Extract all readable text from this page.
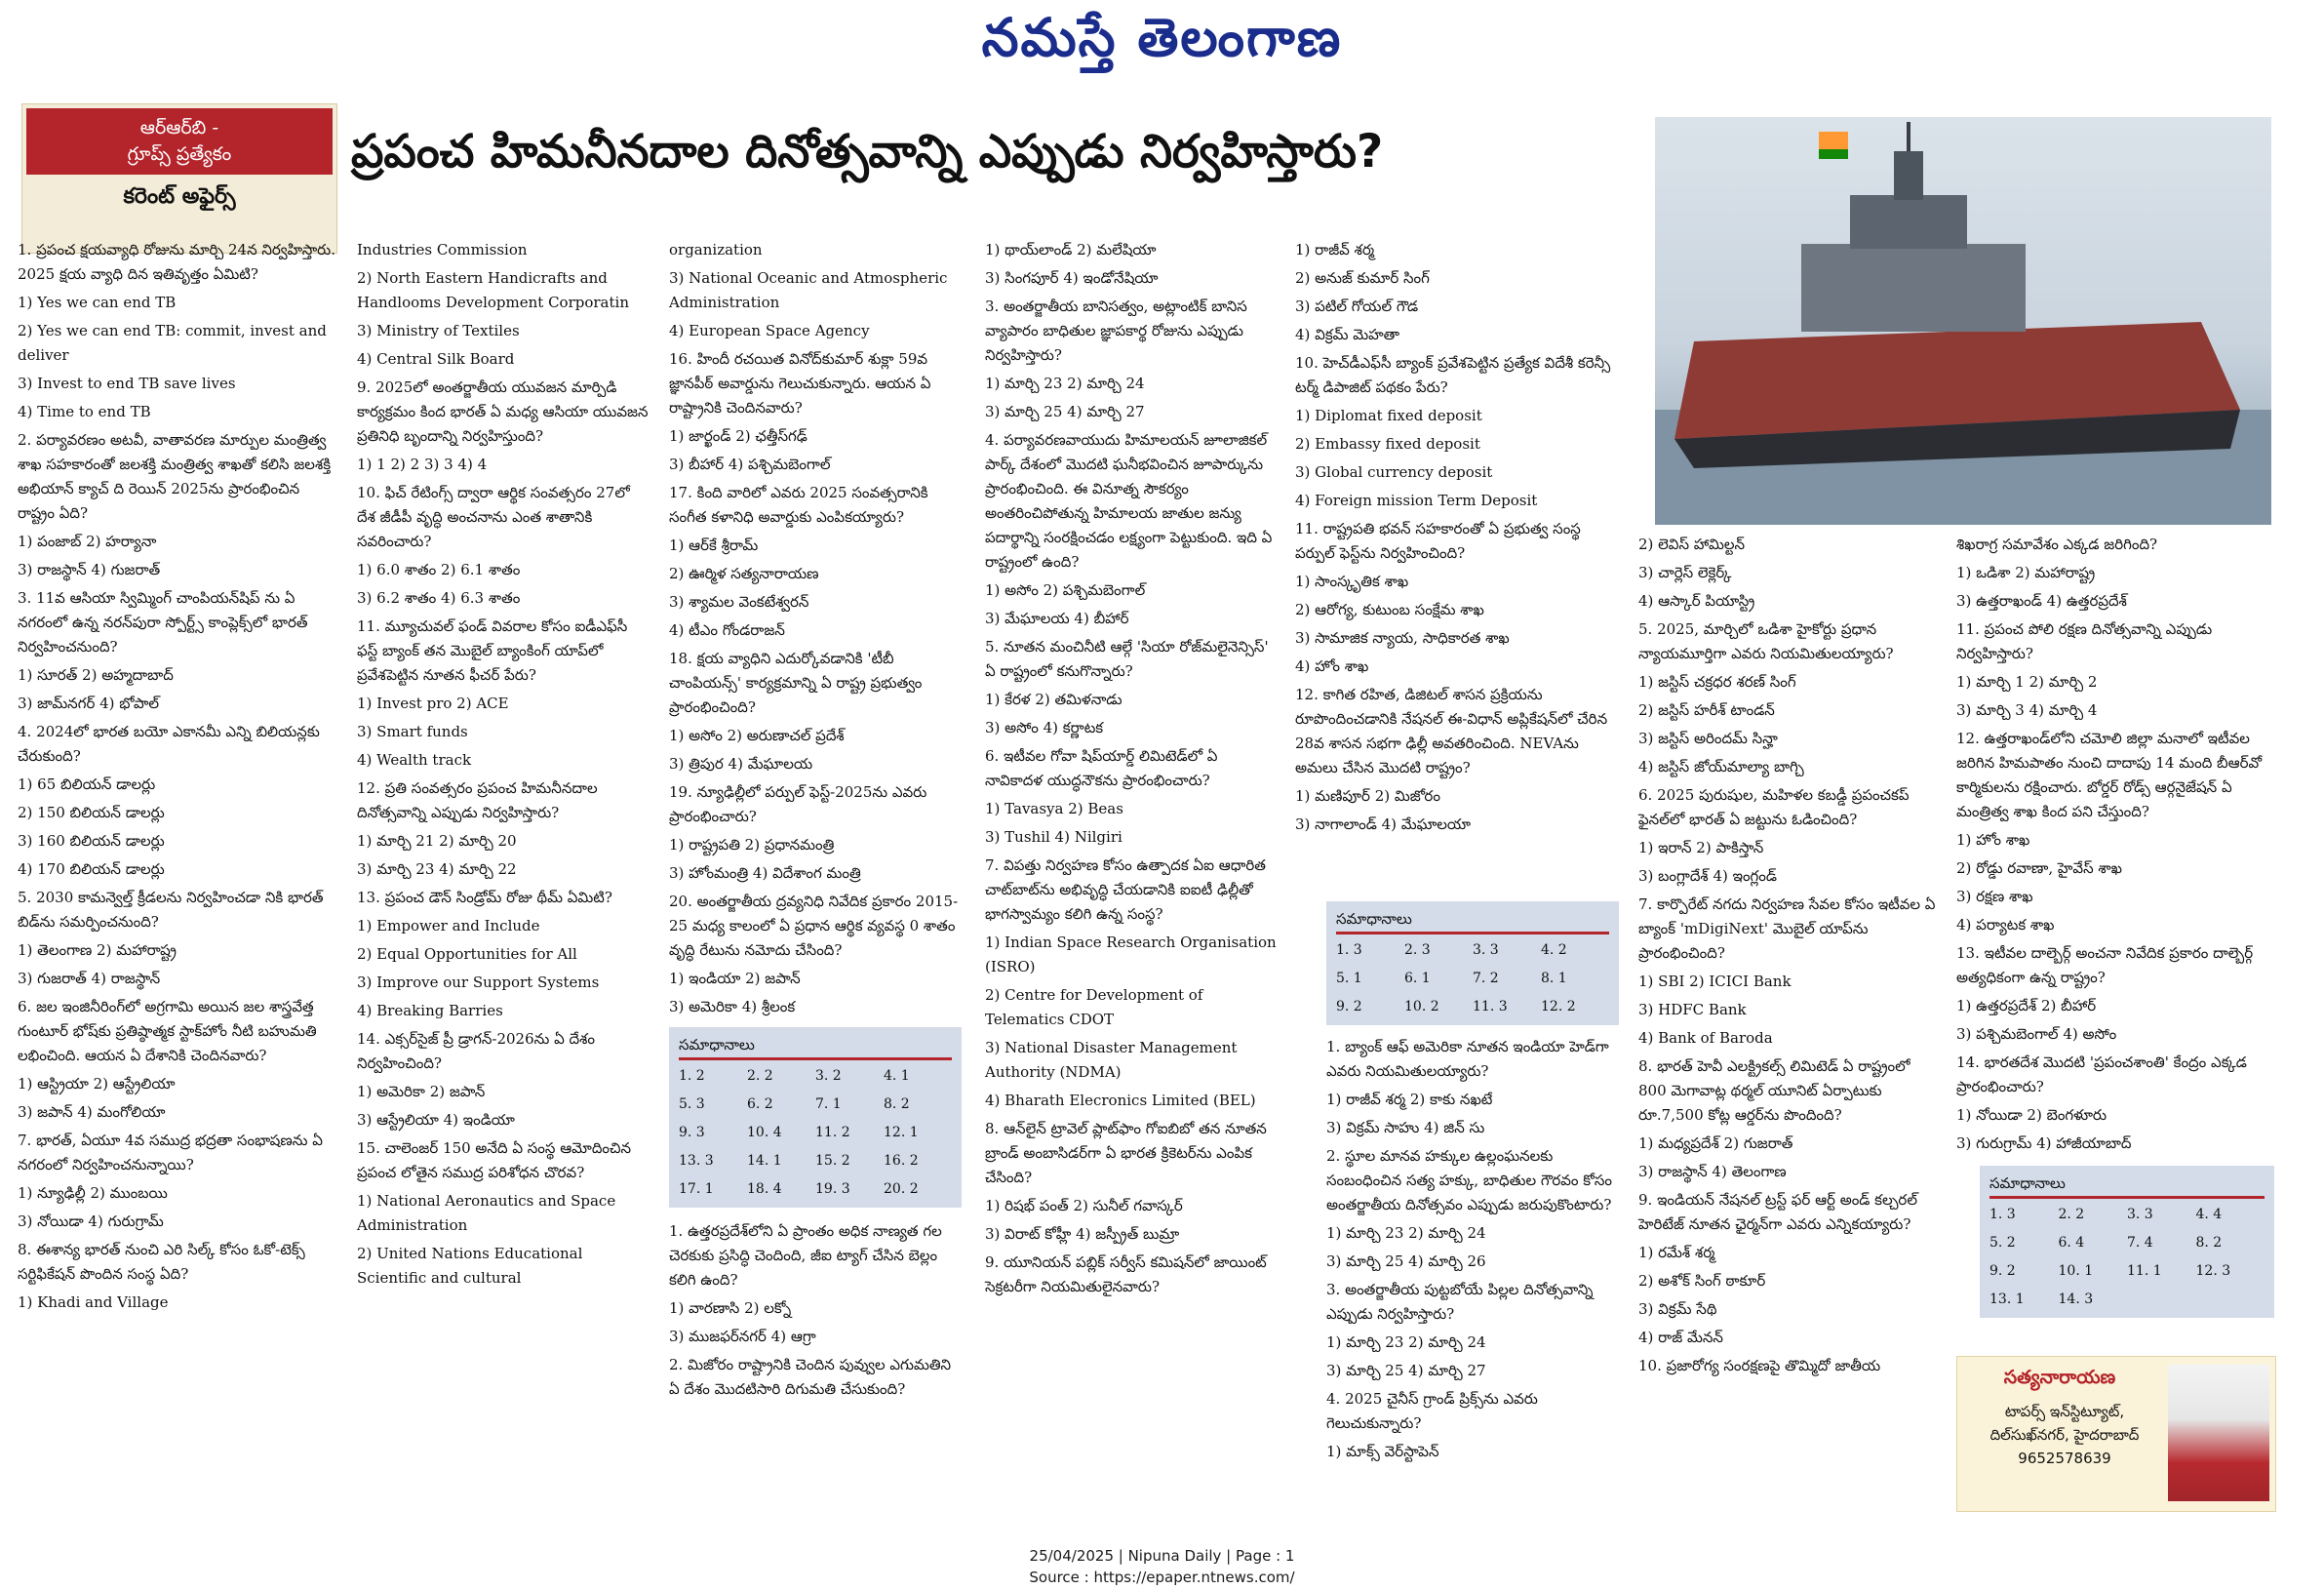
నమస్తే తెలంగాణ
ఆర్ఆర్‌బి -
గ్రూప్స్ ప్రత్యేకం
కరెంట్ అఫైర్స్
ప్రపంచ హిమనీనదాల దినోత్సవాన్ని ఎప్పుడు నిర్వహిస్తారు?

1. ప్రపంచ క్షయవ్యాధి రోజును మార్చి 24న నిర్వహిస్తారు. 2025 క్షయ వ్యాధి దిన ఇతివృత్తం ఏమిటి?

1) Yes we can end TB

2) Yes we can end TB: commit, invest and deliver

3) Invest to end TB save lives

4) Time to end TB

2. పర్యావరణం అటవీ, వాతావరణ మార్పుల మంత్రిత్వ శాఖ సహకారంతో జలశక్తి మంత్రిత్వ శాఖతో కలిసి జలశక్తి అభియాన్ క్యాచ్ ది రెయిన్ 2025ను ప్రారంభించిన రాష్ట్రం ఏది?

1) పంజాబ్ 2) హర్యానా

3) రాజస్థాన్ 4) గుజరాత్

3. 11వ ఆసియా స్విమ్మింగ్ చాంపియన్‌షిప్ ను ఏ నగరంలో ఉన్న నరన్‌పురా స్పోర్ట్స్ కాంప్లెక్స్‌లో భారత్ నిర్వహించనుంది?

1) సూరత్ 2) అహ్మదాబాద్

3) జామ్‌నగర్ 4) భోపాల్

4. 2024లో భారత బయో ఎకానమీ ఎన్ని బిలియన్లకు చేరుకుంది?

1) 65 బిలియన్ డాలర్లు

2) 150 బిలియన్ డాలర్లు

3) 160 బిలియన్ డాలర్లు

4) 170 బిలియన్ డాలర్లు

5. 2030 కామన్వెల్త్ క్రీడలను నిర్వహించడా నికి భారత్ బిడ్‌ను సమర్పించనుంది?

1) తెలంగాణ 2) మహారాష్ట్ర

3) గుజరాత్ 4) రాజస్థాన్

6. జల ఇంజినీరింగ్‌లో అగ్రగామి అయిన జల శాస్త్రవేత్త గుంటూర్ భోష్‌కు ప్రతిష్ఠాత్మక స్టాక్‌హోం నీటి బహుమతి లభించింది. ఆయన ఏ దేశానికి చెందినవారు?

1) ఆస్ట్రియా 2) ఆస్ట్రేలియా

3) జపాన్ 4) మంగోలియా

7. భారత్, ఏయూ 4వ సముద్ర భద్రతా సంభాషణను ఏ నగరంలో నిర్వహించనున్నాయి?

1) న్యూఢిల్లీ 2) ముంబయి

3) నోయిడా 4) గురుగ్రామ్

8. ఈశాన్య భారత్ నుంచి ఎరి సిల్క్ కోసం ఓకో-టెక్స్ సర్టిఫికేషన్ పొందిన సంస్థ ఏది?

1) Khadi and Village

Industries Commission

2) North Eastern Handicrafts and Handlooms Development Corporatin

3) Ministry of Textiles

4) Central Silk Board

9. 2025లో అంతర్జాతీయ యువజన మార్పిడి కార్యక్రమం కింద భారత్ ఏ మధ్య ఆసియా యువజన ప్రతినిధి బృందాన్ని నిర్వహిస్తుంది?

1) 1 2) 2 3) 3 4) 4

10. ఫిచ్ రేటింగ్స్ ద్వారా ఆర్థిక సంవత్సరం 27లో దేశ జీడీపీ వృద్ధి అంచనాను ఎంత శాతానికి సవరించారు?

1) 6.0 శాతం 2) 6.1 శాతం

3) 6.2 శాతం 4) 6.3 శాతం

11. మ్యూచువల్ ఫండ్ వివరాల కోసం ఐడీఎఫ్‌సీ ఫస్ట్ బ్యాంక్ తన మొబైల్ బ్యాంకింగ్ యాప్‌లో ప్రవేశపెట్టిన నూతన ఫీచర్ పేరు?

1) Invest pro 2) ACE

3) Smart funds

4) Wealth track

12. ప్రతి సంవత్సరం ప్రపంచ హిమనీనదాల దినోత్సవాన్ని ఎప్పుడు నిర్వహిస్తారు?

1) మార్చి 21 2) మార్చి 20

3) మార్చి 23 4) మార్చి 22

13. ప్రపంచ డౌన్ సిండ్రోమ్ రోజు థీమ్ ఏమిటి?

1) Empower and Include

2) Equal Opportunities for All

3) Improve our Support Systems

4) Breaking Barries

14. ఎక్సర్‌సైజ్ ప్రీ డ్రాగన్-2026ను ఏ దేశం నిర్వహించింది?

1) అమెరికా 2) జపాన్

3) ఆస్ట్రేలియా 4) ఇండియా

15. చాలెంజర్ 150 అనేది ఏ సంస్థ ఆమోదించిన ప్రపంచ లోతైన సముద్ర పరిశోధన చొరవ?

1) National Aeronautics and Space Administration

2) United Nations Educational Scientific and cultural

organization

3) National Oceanic and Atmospheric Administration

4) European Space Agency

16. హిందీ రచయిత వినోద్‌కుమార్ శుక్లా 59వ జ్ఞానపీఠ్ అవార్డును గెలుచుకున్నారు. ఆయన ఏ రాష్ట్రానికి చెందినవారు?

1) జార్ఖండ్ 2) ఛత్తీస్‌గఢ్

3) బీహార్ 4) పశ్చిమబెంగాల్

17. కింది వారిలో ఎవరు 2025 సంవత్సరానికి సంగీత కళానిధి అవార్డుకు ఎంపికయ్యారు?

1) ఆర్‌కే శ్రీరామ్

2) ఊర్మిళ సత్యనారాయణ

3) శ్యామల వెంకటేశ్వరన్

4) టీఎం గోండరాజన్

18. క్షయ వ్యాధిని ఎదుర్కోవడానికి 'టీబీ చాంపియన్స్' కార్యక్రమాన్ని ఏ రాష్ట్ర ప్రభుత్వం ప్రారంభించింది?

1) అసోం 2) అరుణాచల్ ప్రదేశ్

3) త్రిపుర 4) మేఘాలయ

19. న్యూఢిల్లీలో పర్పుల్ ఫెస్ట్-2025ను ఎవరు ప్రారంభించారు?

1) రాష్ట్రపతి 2) ప్రధానమంత్రి

3) హోంమంత్రి 4) విదేశాంగ మంత్రి

20. అంతర్జాతీయ ద్రవ్యనిధి నివేదిక ప్రకారం 2015-25 మధ్య కాలంలో ఏ ప్రధాన ఆర్థిక వ్యవస్థ 0 శాతం వృద్ధి రేటును నమోదు చేసింది?

1) ఇండియా 2) జపాన్

3) అమెరికా 4) శ్రీలంక

సమాధానాలు
1. 2	2. 2	3. 2	4. 1
5. 3	6. 2	7. 1	8. 2
9. 3	10. 4	11. 2	12. 1
13. 3	14. 1	15. 2	16. 2
17. 1	18. 4	19. 3	20. 2

1. ఉత్తరప్రదేశ్‌లోని ఏ ప్రాంతం అధిక నాణ్యత గల చెరకుకు ప్రసిద్ధి చెందింది, జీఐ ట్యాగ్ చేసిన బెల్లం కలిగి ఉంది?

1) వారణాసి 2) లక్నో

3) ముజఫర్‌నగర్ 4) ఆగ్రా

2. మిజోరం రాష్ట్రానికి చెందిన పువ్వుల ఎగుమతిని ఏ దేశం మొదటిసారి దిగుమతి చేసుకుంది?

1) థాయ్‌లాండ్ 2) మలేషియా

3) సింగపూర్ 4) ఇండోనేషియా

3. అంతర్జాతీయ బానిసత్వం, అట్లాంటిక్ బానిస వ్యాపారం బాధితుల జ్ఞాపకార్థ రోజును ఎప్పుడు నిర్వహిస్తారు?

1) మార్చి 23 2) మార్చి 24

3) మార్చి 25 4) మార్చి 27

4. పర్యావరణవాయుదు హిమాలయన్ జూలాజికల్ పార్క్ దేశంలో మొదటి ఘనీభవించిన జూపార్కును ప్రారంభించింది. ఈ వినూత్న సౌకర్యం అంతరించిపోతున్న హిమాలయ జాతుల జన్యు పదార్థాన్ని సంరక్షించడం లక్ష్యంగా పెట్టుకుంది. ఇది ఏ రాష్ట్రంలో ఉంది?

1) అసోం 2) పశ్చిమబెంగాల్

3) మేఘాలయ 4) బీహార్

5. నూతన మంచినీటి ఆల్గే 'సియా రోజ్‌మలైనెన్సిస్' ఏ రాష్ట్రంలో కనుగొన్నారు?

1) కేరళ 2) తమిళనాడు

3) అసోం 4) కర్ణాటక

6. ఇటీవల గోవా షిప్‌యార్డ్ లిమిటెడ్‌లో ఏ నావికాదళ యుద్ధనౌకను ప్రారంభించారు?

1) Tavasya 2) Beas

3) Tushil 4) Nilgiri

7. విపత్తు నిర్వహణ కోసం ఉత్పాదక ఏఐ ఆధారిత చాట్‌బాట్‌ను అభివృద్ధి చేయడానికి ఐఐటీ ఢిల్లీతో భాగస్వామ్యం కలిగి ఉన్న సంస్థ?

1) Indian Space Research Organisation (ISRO)

2) Centre for Development of Telematics CDOT

3) National Disaster Management Authority (NDMA)

4) Bharath Elecronics Limited (BEL)

8. ఆన్‌లైన్ ట్రావెల్ ప్లాట్‌ఫాం గోఐబిబో తన నూతన బ్రాండ్ అంబాసిడర్‌గా ఏ భారత క్రికెటర్‌ను ఎంపిక చేసింది?

1) రిషభ్ పంత్ 2) సునీల్ గవాస్కర్

3) విరాట్ కోహ్లీ 4) జస్ప్రీత్ బుమ్రా

9. యూనియన్ పబ్లిక్ సర్వీస్ కమిషన్‌లో జాయింట్ సెక్రటరీగా నియమితులైనవారు?

1) రాజీవ్ శర్మ

2) అనుజ్ కుమార్ సింగ్

3) పటిల్ గోయల్ గౌడ

4) విక్రమ్ మెహతా

10. హెచ్‌డీఎఫ్‌సీ బ్యాంక్ ప్రవేశపెట్టిన ప్రత్యేక విదేశీ కరెన్సీ టర్మ్ డిపాజిట్ పథకం పేరు?

1) Diplomat fixed deposit

2) Embassy fixed deposit

3) Global currency deposit

4) Foreign mission Term Deposit

11. రాష్ట్రపతి భవన్ సహకారంతో ఏ ప్రభుత్వ సంస్థ పర్పుల్ ఫెస్ట్‌ను నిర్వహించింది?

1) సాంస్కృతిక శాఖ

2) ఆరోగ్య, కుటుంబ సంక్షేమ శాఖ

3) సామాజిక న్యాయ, సాధికారత శాఖ

4) హోం శాఖ

12. కాగిత రహిత, డిజిటల్ శాసన ప్రక్రియను రూపొందించడానికి నేషనల్ ఈ-విధాన్ అప్లికేషన్‌లో చేరిన 28వ శాసన సభగా ఢిల్లీ అవతరించింది. NEVAను అమలు చేసిన మొదటి రాష్ట్రం?

1) మణిపూర్ 2) మిజోరం

3) నాగాలాండ్ 4) మేఘాలయా

సమాధానాలు
1. 3	2. 3	3. 3	4. 2
5. 1	6. 1	7. 2	8. 1
9. 2	10. 2	11. 3	12. 2

1. బ్యాంక్ ఆఫ్ అమెరికా నూతన ఇండియా హెడ్‌గా ఎవరు నియమితులయ్యారు?

1) రాజీవ్ శర్మ 2) కాకు నఖటే

3) విక్రమ్ సాహు 4) జిన్ సు

2. స్థూల మానవ హక్కుల ఉల్లంఘనలకు సంబంధించిన సత్య హక్కు, బాధితుల గౌరవం కోసం అంతర్జాతీయ దినోత్సవం ఎప్పుడు జరుపుకొంటారు?

1) మార్చి 23 2) మార్చి 24

3) మార్చి 25 4) మార్చి 26

3. అంతర్జాతీయ పుట్టబోయే పిల్లల దినోత్సవాన్ని ఎప్పుడు నిర్వహిస్తారు?

1) మార్చి 23 2) మార్చి 24

3) మార్చి 25 4) మార్చి 27

4. 2025 చైనీస్ గ్రాండ్ ప్రిక్స్‌ను ఎవరు గెలుచుకున్నారు?

1) మాక్స్ వెర్‌స్టాపెన్

2) లెవిస్ హామిల్టన్

3) చార్లెస్ లెక్లెర్క్

4) ఆస్కార్ పియాస్ట్రి

5. 2025, మార్చిలో ఒడిశా హైకోర్టు ప్రధాన న్యాయమూర్తిగా ఎవరు నియమితులయ్యారు?

1) జస్టిస్ చక్రధర శరణ్ సింగ్

2) జస్టిస్ హరీశ్ టాండన్

3) జస్టిస్ అరిందమ్ సిన్హా

4) జస్టిస్ జోయ్‌మాల్యా బాగ్చి

6. 2025 పురుషుల, మహిళల కబడ్డీ ప్రపంచకప్ ఫైనల్‌లో భారత్ ఏ జట్టును ఓడించింది?

1) ఇరాన్ 2) పాకిస్తాన్

3) బంగ్లాదేశ్ 4) ఇంగ్లండ్

7. కార్పొరేట్ నగదు నిర్వహణ సేవల కోసం ఇటీవల ఏ బ్యాంక్ 'mDigiNext' మొబైల్ యాప్‌ను ప్రారంభించింది?

1) SBI 2) ICICI Bank

3) HDFC Bank

4) Bank of Baroda

8. భారత్ హెవీ ఎలక్ట్రికల్స్ లిమిటెడ్ ఏ రాష్ట్రంలో 800 మెగావాట్ల థర్మల్ యూనిట్ ఏర్పాటుకు రూ.7,500 కోట్ల ఆర్డర్‌ను పొందింది?

1) మధ్యప్రదేశ్ 2) గుజరాత్

3) రాజస్థాన్ 4) తెలంగాణ

9. ఇండియన్ నేషనల్ ట్రస్ట్ ఫర్ ఆర్ట్ అండ్ కల్చరల్ హెరిటేజ్ నూతన ఛైర్మన్‌గా ఎవరు ఎన్నికయ్యారు?

1) రమేశ్ శర్మ

2) అశోక్ సింగ్ ఠాకూర్

3) విక్రమ్ సేథి

4) రాజ్ మేనన్

10. ప్రజారోగ్య సంరక్షణపై తొమ్మిదో జాతీయ

శిఖరాగ్ర సమావేశం ఎక్కడ జరిగింది?

1) ఒడిశా 2) మహారాష్ట్ర

3) ఉత్తరాఖండ్ 4) ఉత్తరప్రదేశ్

11. ప్రపంచ పోలి రక్షణ దినోత్సవాన్ని ఎప్పుడు నిర్వహిస్తారు?

1) మార్చి 1 2) మార్చి 2

3) మార్చి 3 4) మార్చి 4

12. ఉత్తరాఖండ్‌లోని చమోలి జిల్లా మనాలో ఇటీవల జరిగిన హిమపాతం నుంచి దాదాపు 14 మంది బీఆర్‌వో కార్మికులను రక్షించారు. బోర్డర్ రోడ్స్ ఆర్గనైజేషన్ ఏ మంత్రిత్వ శాఖ కింద పని చేస్తుంది?

1) హోం శాఖ

2) రోడ్డు రవాణా, హైవేస్ శాఖ

3) రక్షణ శాఖ

4) పర్యాటక శాఖ

13. ఇటీవల దాల్బెర్గ్ అంచనా నివేదిక ప్రకారం దాల్బెర్గ్ అత్యధికంగా ఉన్న రాష్ట్రం?

1) ఉత్తరప్రదేశ్ 2) బీహార్

3) పశ్చిమబెంగాల్ 4) అసోం

14. భారతదేశ మొదటి 'ప్రపంచశాంతి' కేంద్రం ఎక్కడ ప్రారంభించారు?

1) నోయిడా 2) బెంగళూరు

3) గురుగ్రామ్ 4) హాజీయాబాద్

సమాధానాలు
1. 3	2. 2	3. 3	4. 4
5. 2	6. 4	7. 4	8. 2
9. 2	10. 1	11. 1	12. 3
13. 1	14. 3
సత్యనారాయణ
టాపర్స్ ఇన్‌స్టిట్యూట్,
దిల్‌సుఖ్‌నగర్, హైదరాబాద్
9652578639
25/04/2025 | Nipuna Daily | Page : 1
Source : https://epaper.ntnews.com/
